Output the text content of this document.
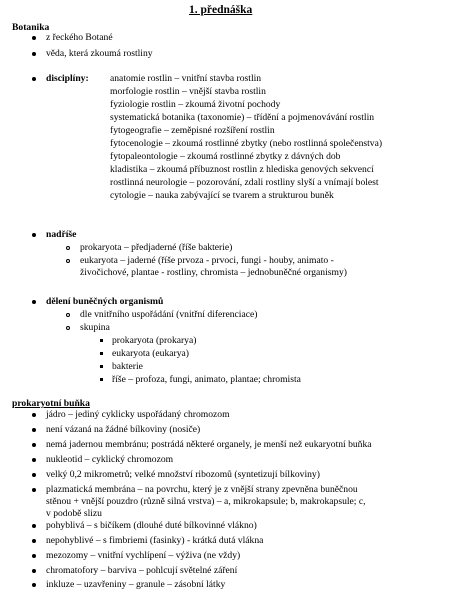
1. přednáška
Botanika
z řeckého Botané
věda, která zkoumá rostliny
disciplíny: anatomie rostlin – vnitřní stavba rostlin
morfologie rostlin – vnější stavba rostlin
fyziologie rostlin – zkoumá životní pochody
systematická botanika (taxonomie) – třídění a pojmenovávání rostlin
fytogeografie – zeměpisné rozšíření rostlin
fytocenologie – zkoumá rostlinné zbytky (nebo rostlinná společenstva)
fytopaleontologie – zkoumá rostlinné zbytky z dávných dob
kladistika – zkoumá příbuznost rostlin z hlediska genových sekvencí
rostlinná neurologie – pozorování, zdali rostliny slyší a vnímají bolest
cytologie – nauka zabývající se tvarem a strukturou buněk
nadříše
prokaryota – předjaderné (říše bakterie)
eukaryota – jaderné (říše prvoza - prvoci, fungi - houby, animato -
živočichové, plantae - rostliny, chromista – jednobuněčné organismy)
dělení buněčných organismů
dle vnitřního uspořádání (vnitřní diferenciace)
skupina
prokaryota (prokarya)
eukaryota (eukarya)
bakterie
říše – profoza, fungi, animato, plantae; chromista
prokaryotní buňka
jádro – jediný cyklicky uspořádaný chromozom
není vázaná na žádné bílkoviny (nosiče)
nemá jadernou membránu; postrádá některé organely, je menší než eukaryotní buňka
nukleotid – cyklický chromozom
velký 0,2 mikrometrů; velké množství ribozomů (syntetizují bílkoviny)
plazmatická membrána – na povrchu, který je z vnější strany zpevněna buněčnou
stěnou + vnější pouzdro (různě silná vrstva) – a, mikrokapsule; b, makrokapsule; c,
v podobě slizu
pohyblivá – s bičíkem (dlouhé duté bílkovinné vlákno)
nepohyblivé – s fimbriemi (fasinky) - krátká dutá vlákna
mezozomy – vnitřní vychlípení – výživa (ne vždy)
chromatofory – barviva – pohlcují světelné záření
inkluze – uzavřeniny – granule – zásobní látky
